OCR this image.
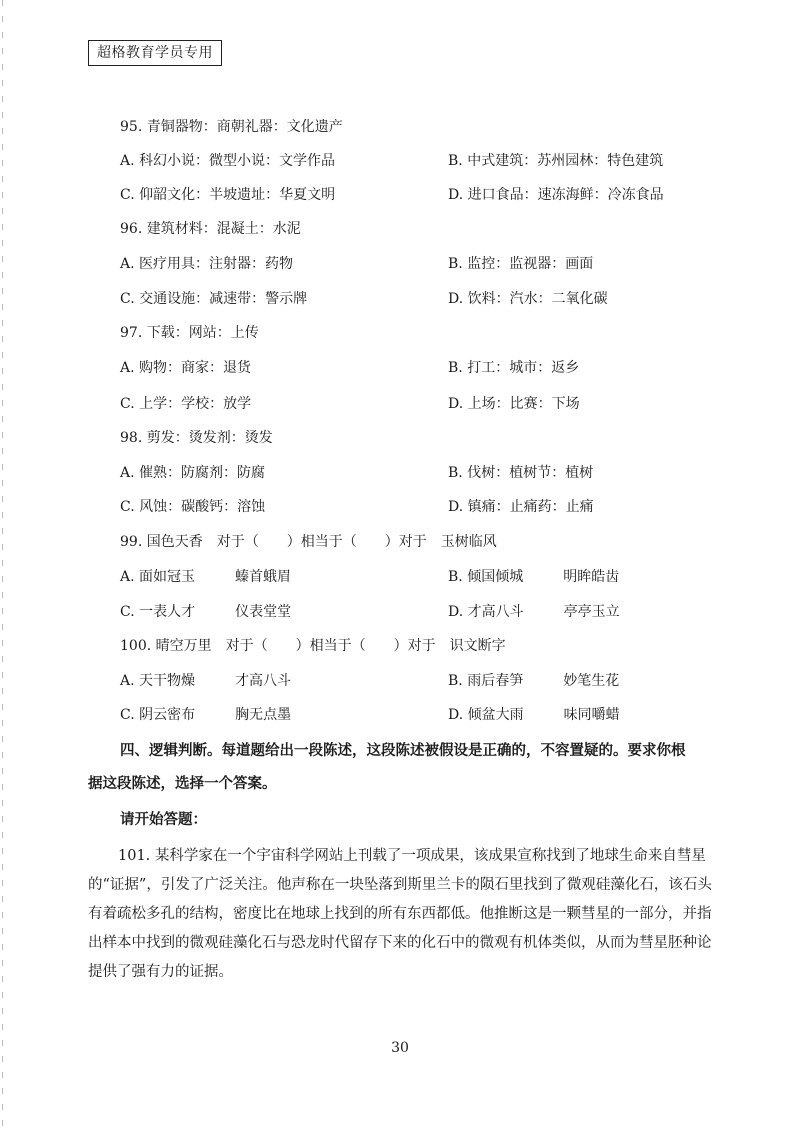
超格教育学员专用
95. 青铜器物：商朝礼器：文化遗产
A. 科幻小说：微型小说：文学作品	B. 中式建筑：苏州园林：特色建筑
C. 仰韶文化：半坡遗址：华夏文明	D. 进口食品：速冻海鲜：冷冻食品
96. 建筑材料：混凝土：水泥
A. 医疗用具：注射器：药物	B. 监控：监视器：画面
C. 交通设施：减速带：警示牌	D. 饮料：汽水：二氧化碳
97. 下载：网站：上传
A. 购物：商家：退货	B. 打工：城市：返乡
C. 上学：学校：放学	D. 上场：比赛：下场
98. 剪发：烫发剂：烫发
A. 催熟：防腐剂：防腐	B. 伐树：植树节：植树
C. 风蚀：碳酸钙：溶蚀	D. 镇痛：止痛药：止痛
99. 国色天香　对于（　　）相当于（　　）对于　玉树临风
A. 面如冠玉	螓首蛾眉	B. 倾国倾城	明眸皓齿
C. 一表人才	仪表堂堂	D. 才高八斗	亭亭玉立
100. 晴空万里　对于（　　）相当于（　　）对于　识文断字
A. 天干物燥	才高八斗	B. 雨后春笋	妙笔生花
C. 阴云密布	胸无点墨	D. 倾盆大雨	味同嚼蜡
四、逻辑判断。每道题给出一段陈述，这段陈述被假设是正确的，不容置疑的。要求你根
据这段陈述，选择一个答案。
请开始答题：
101. 某科学家在一个宇宙科学网站上刊载了一项成果，该成果宣称找到了地球生命来自彗星的“证据”，引发了广泛关注。他声称在一块坠落到斯里兰卡的陨石里找到了微观硅藻化石，该石头有着疏松多孔的结构，密度比在地球上找到的所有东西都低。他推断这是一颗彗星的一部分，并指出样本中找到的微观硅藻化石与恐龙时代留存下来的化石中的微观有机体类似，从而为彗星胚种论提供了强有力的证据。
30
